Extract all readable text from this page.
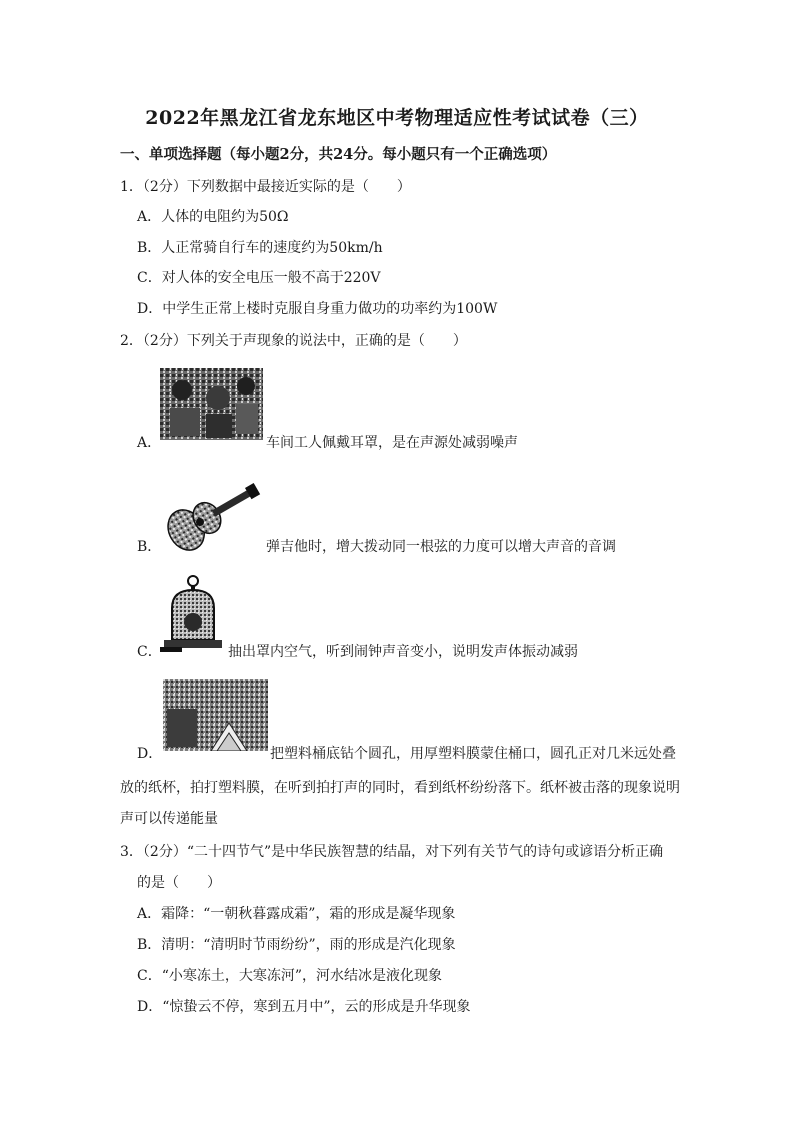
2022年黑龙江省龙东地区中考物理适应性考试试卷（三）
一、单项选择题（每小题2分，共24分。每小题只有一个正确选项）
1．（2分）下列数据中最接近实际的是（　　）
A．人体的电阻约为50Ω
B．人正常骑自行车的速度约为50km/h
C．对人体的安全电压一般不高于220V
D．中学生正常上楼时克服自身重力做功的功率约为100W
2．（2分）下列关于声现象的说法中，正确的是（　　）
A．	车间工人佩戴耳罩，是在声源处减弱噪声
B．	弹吉他时，增大拨动同一根弦的力度可以增大声音的音调
C．	抽出罩内空气，听到闹钟声音变小，说明发声体振动减弱
D．	把塑料桶底钻个圆孔，用厚塑料膜蒙住桶口，圆孔正对几米远处叠
放的纸杯，拍打塑料膜，在听到拍打声的同时，看到纸杯纷纷落下。纸杯被击落的现象说明
声可以传递能量
3．（2分）“二十四节气”是中华民族智慧的结晶，对下列有关节气的诗句或谚语分析正确
的是（　　）
A．霜降：“一朝秋暮露成霜”，霜的形成是凝华现象
B．清明：“清明时节雨纷纷”，雨的形成是汽化现象
C．“小寒冻土，大寒冻河”，河水结冰是液化现象
D．“惊蛰云不停，寒到五月中”，云的形成是升华现象
